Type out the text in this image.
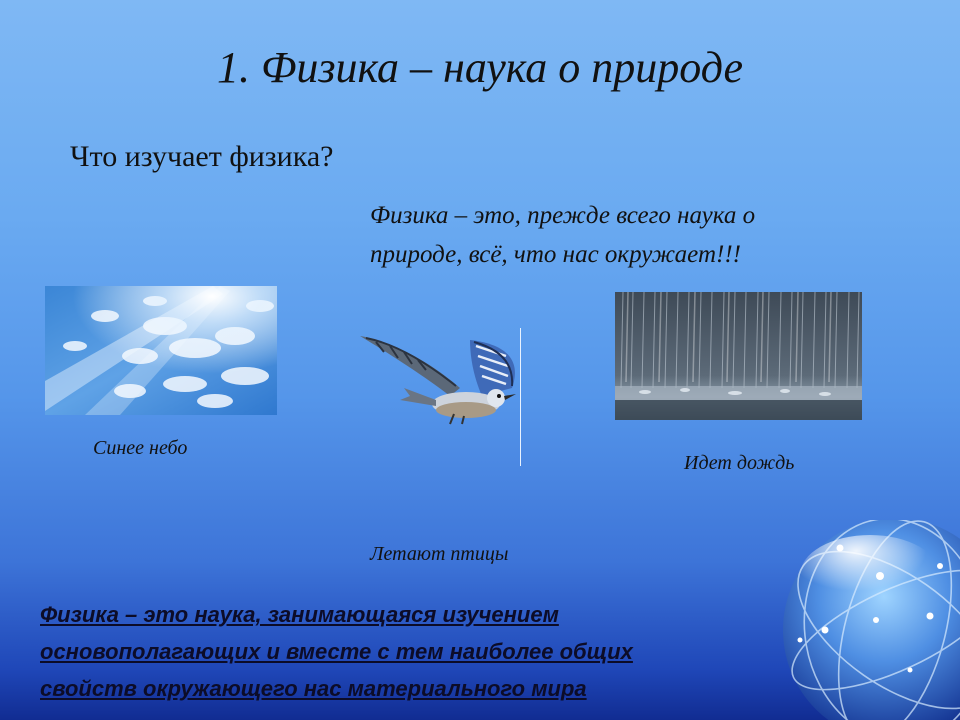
1. Физика – наука о природе
Что изучает физика?
Физика – это, прежде всего наука о
природе, всё, что нас окружает!!!
Синее небо
Летают птицы
Идет дождь
Физика – это наука, занимающаяся изучением
основополагающих и вместе с тем наиболее общих
свойств окружающего нас материального мира
